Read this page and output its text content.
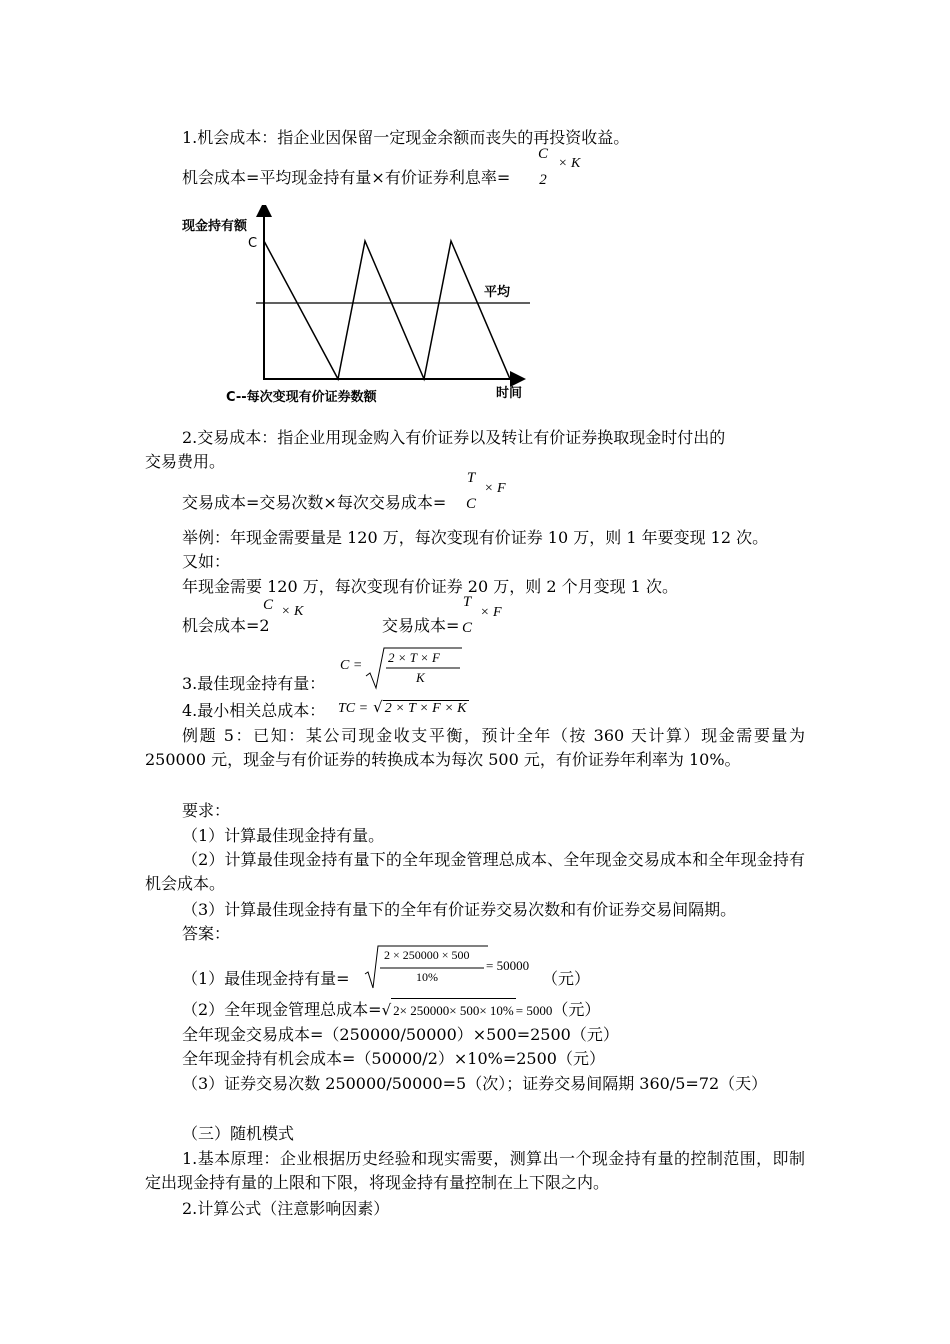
1.机会成本：指企业因保留一定现金余额而丧失的再投资收益。
机会成本=平均现金持有量×有价证券利息率=
C
2
× K
现金持有额
C
平均
C--每次变现有价证券数额	时间
2.交易成本：指企业用现金购入有价证券以及转让有价证券换取现金时付出的
交易费用。
交易成本=交易次数×每次交易成本=
T
C
× F
举例：年现金需要量是 120 万，每次变现有价证券 10 万，则 1 年要变现 12 次。
又如：
年现金需要 120 万，每次变现有价证券 20 万，则 2 个月变现 1 次。
机会成本=2
C × K
交易成本=
T
C
× F
3.最佳现金持有量：
C =
2 × T × F
K
4.最小相关总成本： TC = √ 2 × T × F × K
例题 5：已知：某公司现金收支平衡，预计全年（按 360 天计算）现金需要量为 250000 元，现金与有价证券的转换成本为每次 500 元，有价证券年利率为 10%。
要求：
（1）计算最佳现金持有量。
（2）计算最佳现金持有量下的全年现金管理总成本、全年现金交易成本和全年现金持有机会成本。
（3）计算最佳现金持有量下的全年有价证券交易次数和有价证券交易间隔期。
答案：
（1）最佳现金持有量=
2 × 250000 × 500
10%
= 50000
（元）
（2）全年现金管理总成本=√ 2× 250000× 500× 10% = 5000（元）
全年现金交易成本=（250000/50000）×500=2500（元）
全年现金持有机会成本=（50000/2）×10%=2500（元）
（3）证券交易次数 250000/50000=5（次）；证券交易间隔期 360/5=72（天）
（三）随机模式
1.基本原理：企业根据历史经验和现实需要，测算出一个现金持有量的控制范围，即制定出现金持有量的上限和下限，将现金持有量控制在上下限之内。
2.计算公式（注意影响因素）
